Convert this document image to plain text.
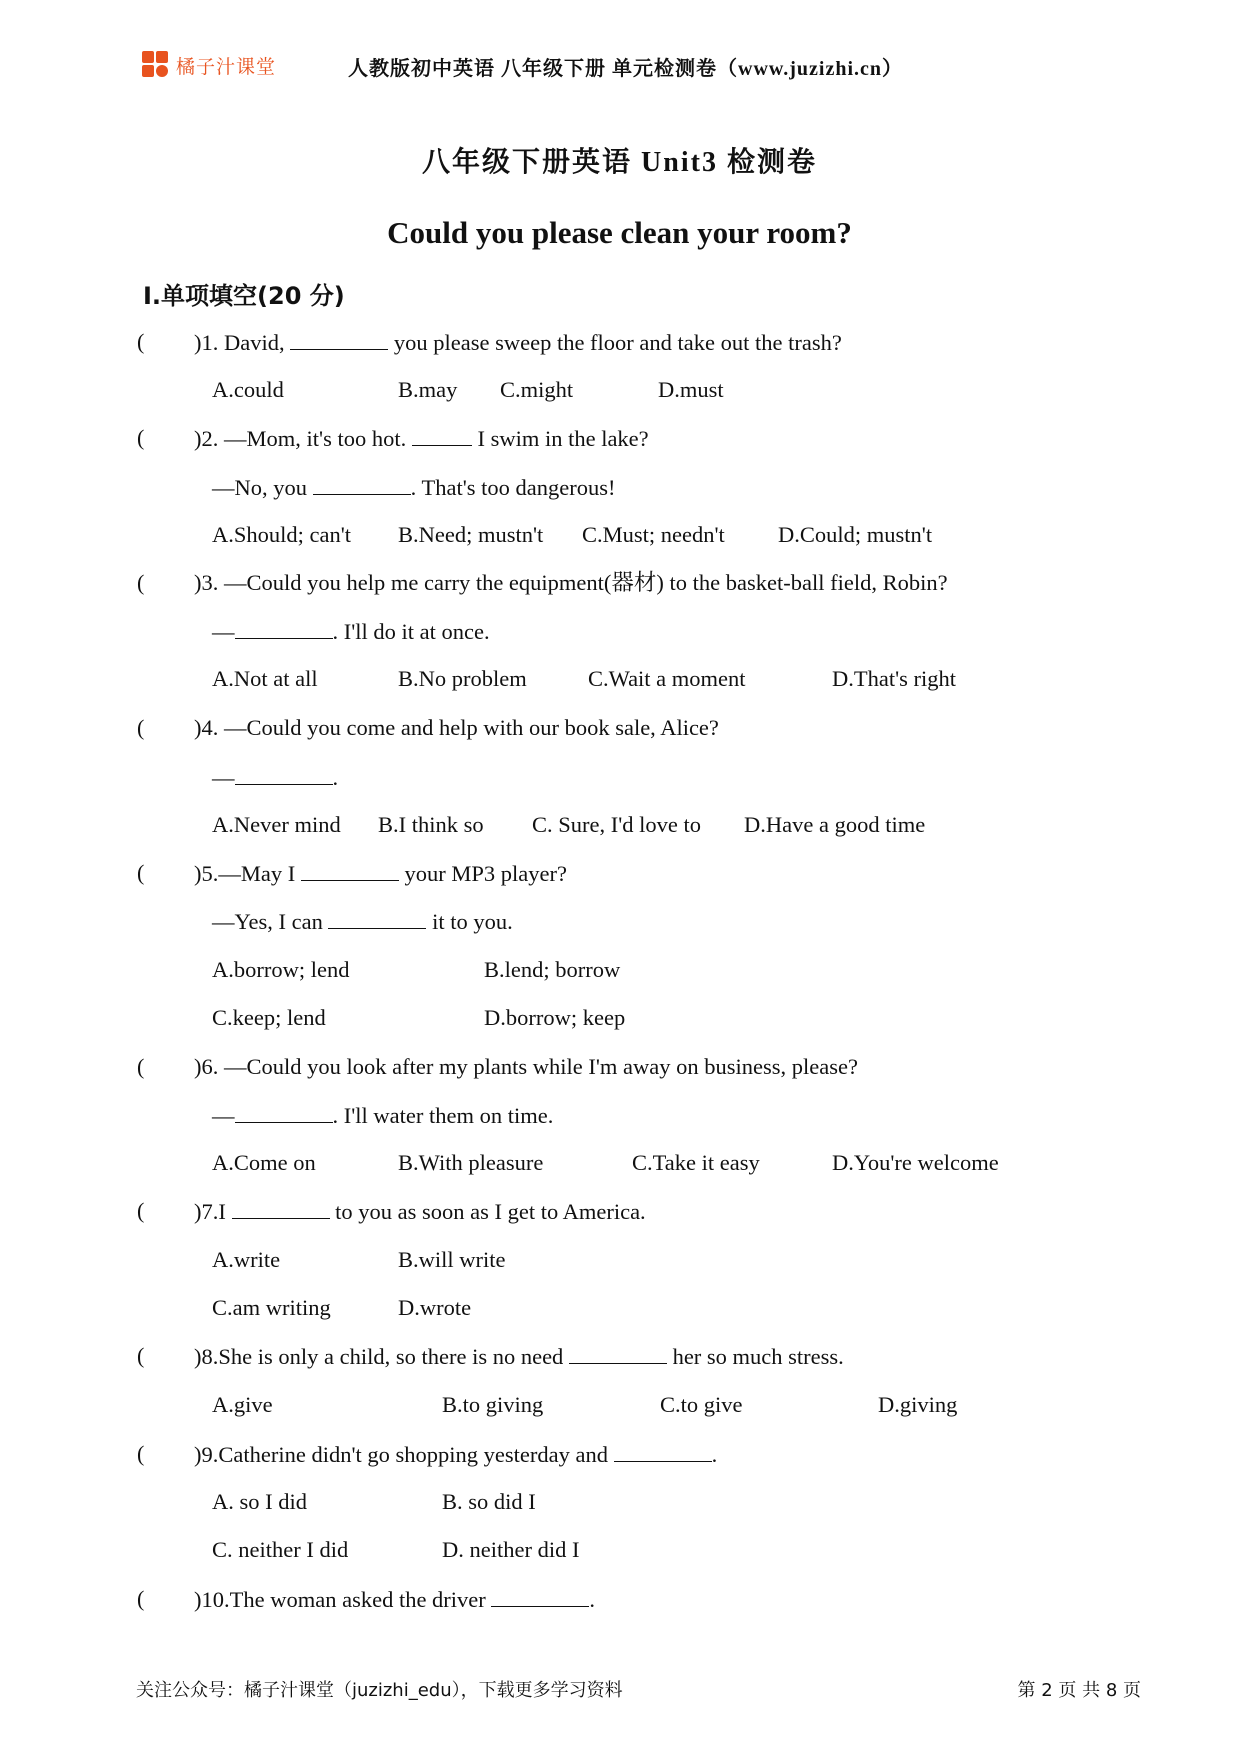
橘子汁课堂	人教版初中英语 八年级下册 单元检测卷（www.juzizhi.cn）
八年级下册英语 Unit3 检测卷
Could you please clean your room?
Ⅰ.单项填空(20 分)
( )1. David,	you please sweep the floor and take out the trash?
A.could	B.may C.might	D.must
( )2. —Mom, it's too hot.	I swim in the lake?
—No, you	. That's too dangerous!
A.Should; can't B.Need; mustn't C.Must; needn't D.Could; mustn't
( )3. —Could you help me carry the equipment(器材) to the basket-ball field, Robin?
—	. I'll do it at once.
A.Not at all	B.No problem	C.Wait a moment	D.That's right
( )4. —Could you come and help with our book sale, Alice?
—	.
A.Never mind B.I think so C. Sure, I'd love to D.Have a good time
( )5.—May I	your MP3 player?
—Yes, I can	it to you.
A.borrow; lend	B.lend; borrow
C.keep; lend	D.borrow; keep
( )6. —Could you look after my plants while I'm away on business, please?
—	. I'll water them on time.
A.Come on	B.With pleasure	C.Take it easy	D.You're welcome
( )7.I	to you as soon as I get to America.
A.write	B.will write
C.am writing	D.wrote
( )8.She is only a child, so there is no need	her so much stress.
A.give	B.to giving	C.to give	D.giving
( )9.Catherine didn't go shopping yesterday and	.
A. so I did	B. so did I
C. neither I did	D. neither did I
( )10.The woman asked the driver	.
关注公众号：橘子汁课堂（juzizhi_edu），下载更多学习资料	第 2 页 共 8 页
